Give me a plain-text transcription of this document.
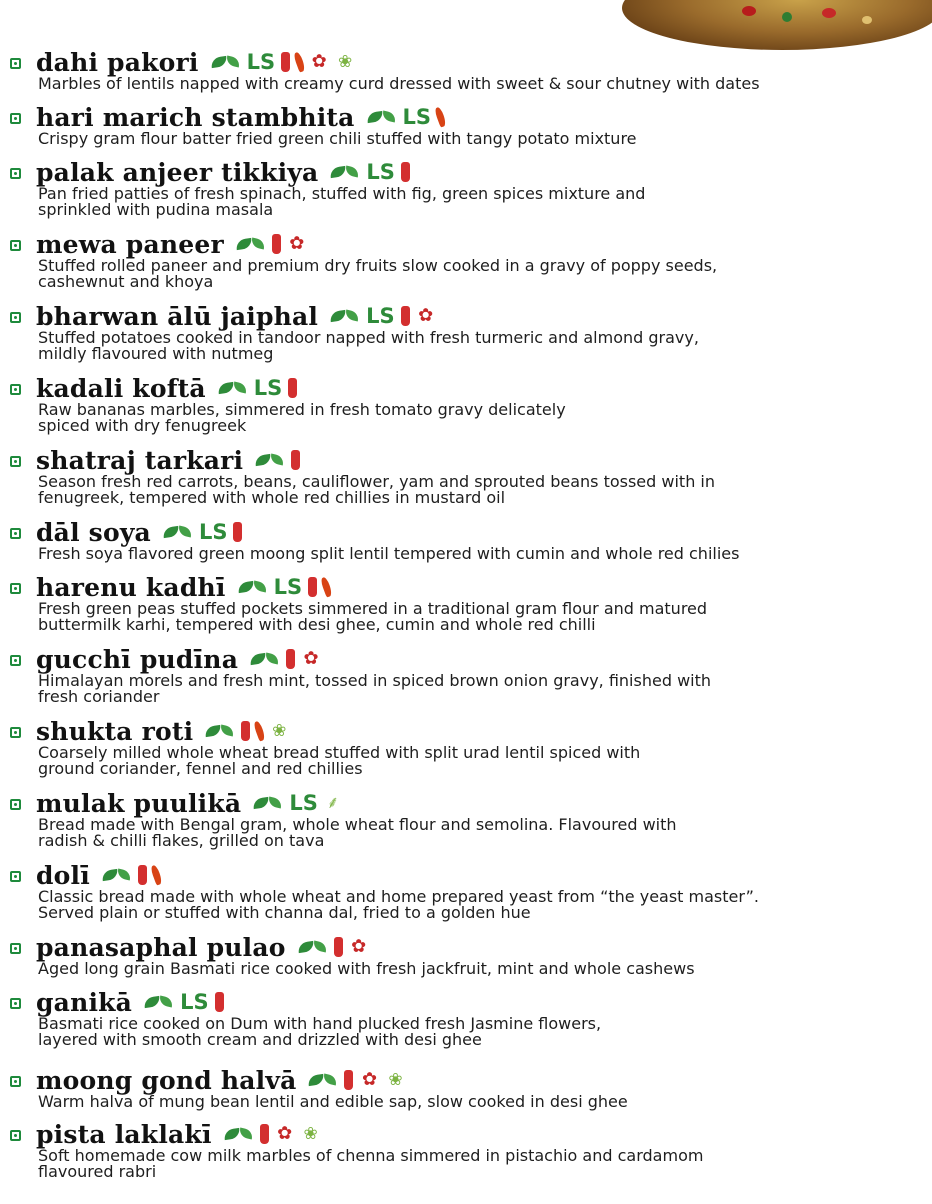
dahi pakori LS ✿ ❀
Marbles of lentils napped with creamy curd dressed with sweet & sour chutney with dates
hari marich stambhita LS
Crispy gram flour batter fried green chili stuffed with tangy potato mixture
palak anjeer tikkiya LS
Pan fried patties of fresh spinach, stuffed with fig, green spices mixture and
sprinkled with pudina masala
mewa paneer	✿
Stuffed rolled paneer and premium dry fruits slow cooked in a gravy of poppy seeds,
cashewnut and khoya
bharwan ālū jaiphal LS ✿
Stuffed potatoes cooked in tandoor napped with fresh turmeric and almond gravy,
mildly flavoured with nutmeg
kadali koftā LS
Raw bananas marbles, simmered in fresh tomato gravy delicately
spiced with dry fenugreek
shatraj tarkari
Season fresh red carrots, beans, cauliflower, yam and sprouted beans tossed with in
fenugreek, tempered with whole red chillies in mustard oil
dāl soya LS
Fresh soya flavored green moong split lentil tempered with cumin and whole red chilies
harenu kadhī LS
Fresh green peas stuffed pockets simmered in a traditional gram flour and matured
buttermilk karhi, tempered with desi ghee, cumin and whole red chilli
gucchī pudīna	✿
Himalayan morels and fresh mint, tossed in spiced brown onion gravy, finished with
fresh coriander
shukta roti	❀
Coarsely milled whole wheat bread stuffed with split urad lentil spiced with
ground coriander, fennel and red chillies
mulak puulikā LS ⸙
Bread made with Bengal gram, whole wheat flour and semolina. Flavoured with
radish & chilli flakes, grilled on tava
dolī
Classic bread made with whole wheat and home prepared yeast from “the yeast master”.
Served plain or stuffed with channa dal, fried to a golden hue
panasaphal pulao	✿
Aged long grain Basmati rice cooked with fresh jackfruit, mint and whole cashews
ganikā LS
Basmati rice cooked on Dum with hand plucked fresh Jasmine flowers,
layered with smooth cream and drizzled with desi ghee
moong gond halvā	✿ ❀
Warm halva of mung bean lentil and edible sap, slow cooked in desi ghee
pista laklakī	✿ ❀
Soft homemade cow milk marbles of chenna simmered in pistachio and cardamom
flavoured rabri
